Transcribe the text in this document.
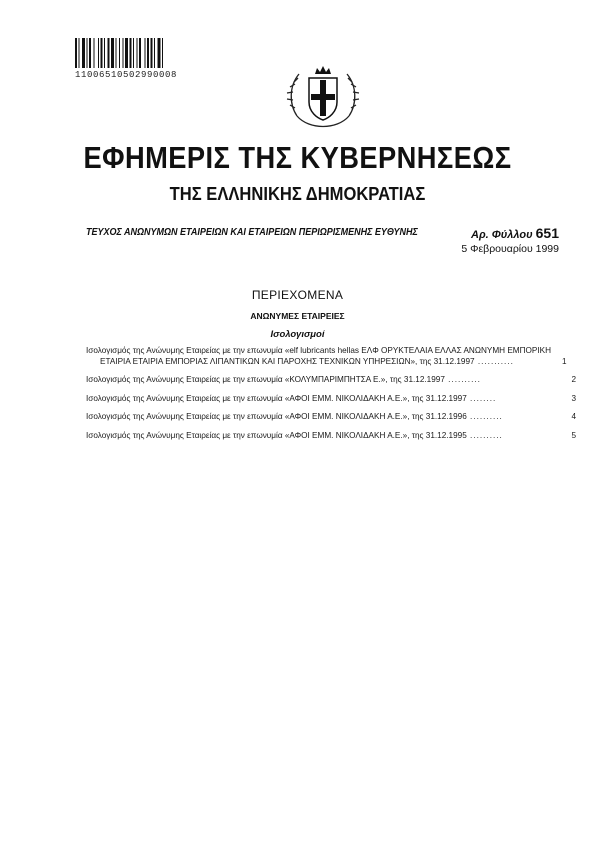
11006510502990008
ΕΦΗΜΕΡΙΣ ΤΗΣ ΚΥΒΕΡΝΗΣΕΩΣ
ΤΗΣ ΕΛΛΗΝΙΚΗΣ ΔΗΜΟΚΡΑΤΙΑΣ
ΤΕΥΧΟΣ ΑΝΩΝΥΜΩΝ ΕΤΑΙΡΕΙΩΝ ΚΑΙ ΕΤΑΙΡΕΙΩΝ ΠΕΡΙΩΡΙΣΜΕΝΗΣ ΕΥΘΥΝΗΣ	Αρ. Φύλλου 651
5 Φεβρουαρίου 1999
ΠΕΡΙΕΧΟΜΕΝΑ
ΑΝΩΝΥΜΕΣ ΕΤΑΙΡΕΙΕΣ
Ισολογισμοί
Ισολογισμός της Ανώνυμης Εταιρείας με την επωνυμία «elf lubricants hellas ΕΛΦ ΟΡΥΚΤΕΛΑΙΑ ΕΛΛΑΣ ΑΝΩΝΥΜΗ ΕΜΠΟΡΙΚΗ ΕΤΑΙΡΙΑ ΕΤΑΙΡΙΑ ΕΜΠΟΡΙΑΣ ΛΙΠΑΝΤΙΚΩΝ ΚΑΙ ΠΑΡΟΧΗΣ ΤΕΧΝΙΚΩΝ ΥΠΗΡΕΣΙΩΝ», της 31.12.1997 ...........	1
Ισολογισμός της Ανώνυμης Εταιρείας με την επωνυμία «ΚΟΛΥΜΠΑΡΙΜΠΗΤΣΑ Ε.», της 31.12.1997 ..........	2
Ισολογισμός της Ανώνυμης Εταιρείας με την επωνυμία «ΑΦΟΙ ΕΜΜ. ΝΙΚΟΛΙΔΑΚΗ Α.Ε.», της 31.12.1997 ........	3
Ισολογισμός της Ανώνυμης Εταιρείας με την επωνυμία «ΑΦΟΙ ΕΜΜ. ΝΙΚΟΛΙΔΑΚΗ Α.Ε.», της 31.12.1996 ..........	4
Ισολογισμός της Ανώνυμης Εταιρείας με την επωνυμία «ΑΦΟΙ ΕΜΜ. ΝΙΚΟΛΙΔΑΚΗ Α.Ε.», της 31.12.1995 ..........	5
